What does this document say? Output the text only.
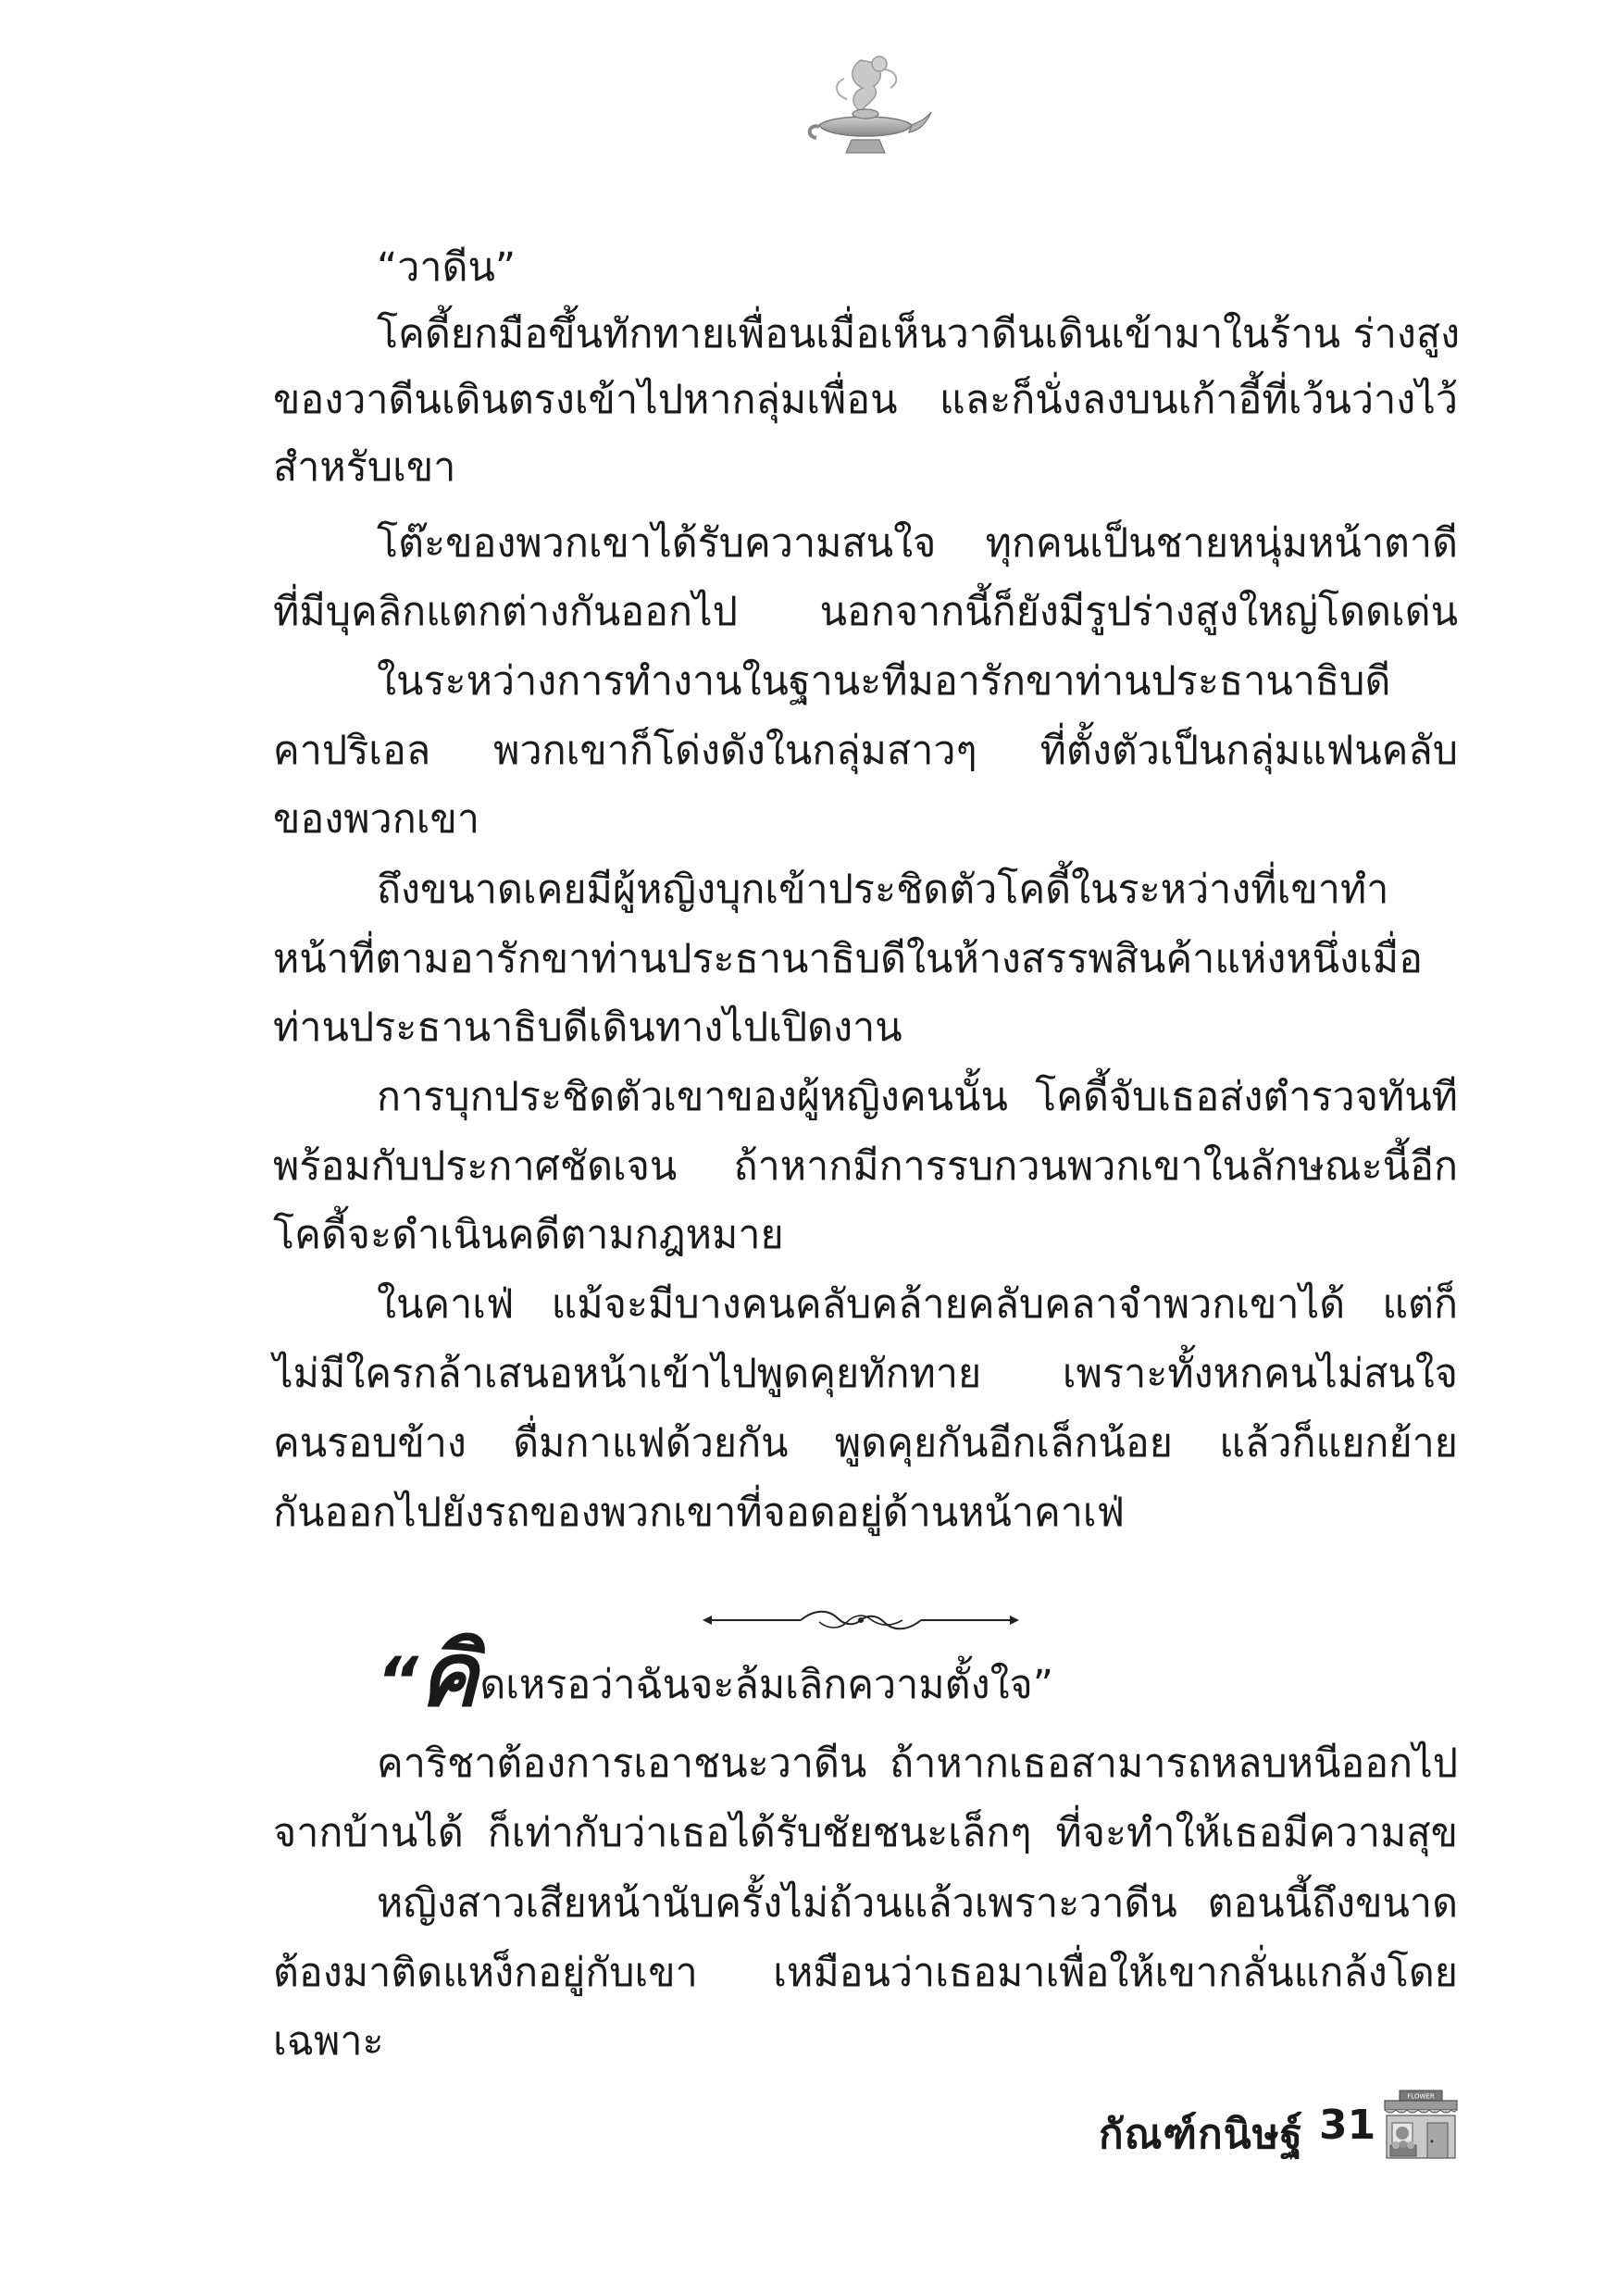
“วาดีน”
โคดี้ยกมือขึ้นทักทายเพื่อนเมื่อเห็นวาดีนเดินเข้ามาในร้าน ร่างสูง
ของวาดีนเดินตรงเข้าไปหากลุ่มเพื่อน และก็นั่งลงบนเก้าอี้ที่เว้นว่างไว้
สำหรับเขา
โต๊ะของพวกเขาได้รับความสนใจ ทุกคนเป็นชายหนุ่มหน้าตาดี
ที่มีบุคลิกแตกต่างกันออกไป นอกจากนี้ก็ยังมีรูปร่างสูงใหญ่โดดเด่น
ในระหว่างการทำงานในฐานะทีมอารักขาท่านประธานาธิบดี
คาปริเอล พวกเขาก็โด่งดังในกลุ่มสาวๆ ที่ตั้งตัวเป็นกลุ่มแฟนคลับ
ของพวกเขา
ถึงขนาดเคยมีผู้หญิงบุกเข้าประชิดตัวโคดี้ในระหว่างที่เขาทำ
หน้าที่ตามอารักขาท่านประธานาธิบดีในห้างสรรพสินค้าแห่งหนึ่งเมื่อ
ท่านประธานาธิบดีเดินทางไปเปิดงาน
การบุกประชิดตัวเขาของผู้หญิงคนนั้น โคดี้จับเธอส่งตำรวจทันที
พร้อมกับประกาศชัดเจน ถ้าหากมีการรบกวนพวกเขาในลักษณะนี้อีก
โคดี้จะดำเนินคดีตามกฎหมาย
ในคาเฟ่ แม้จะมีบางคนคลับคล้ายคลับคลาจำพวกเขาได้ แต่ก็
ไม่มีใครกล้าเสนอหน้าเข้าไปพูดคุยทักทาย เพราะทั้งหกคนไม่สนใจ
คนรอบข้าง ดื่มกาแฟด้วยกัน พูดคุยกันอีกเล็กน้อย แล้วก็แยกย้าย
กันออกไปยังรถของพวกเขาที่จอดอยู่ด้านหน้าคาเฟ่
“คิดเหรอว่าฉันจะล้มเลิกความตั้งใจ”
คาริชาต้องการเอาชนะวาดีน ถ้าหากเธอสามารถหลบหนีออกไป
จากบ้านได้ ก็เท่ากับว่าเธอได้รับชัยชนะเล็กๆ ที่จะทำให้เธอมีความสุข
หญิงสาวเสียหน้านับครั้งไม่ถ้วนแล้วเพราะวาดีน ตอนนี้ถึงขนาด
ต้องมาติดแหง็กอยู่กับเขา เหมือนว่าเธอมาเพื่อให้เขากลั่นแกล้งโดย
เฉพาะ
กัณฑ์กนิษฐ์ 31
FLOWER
